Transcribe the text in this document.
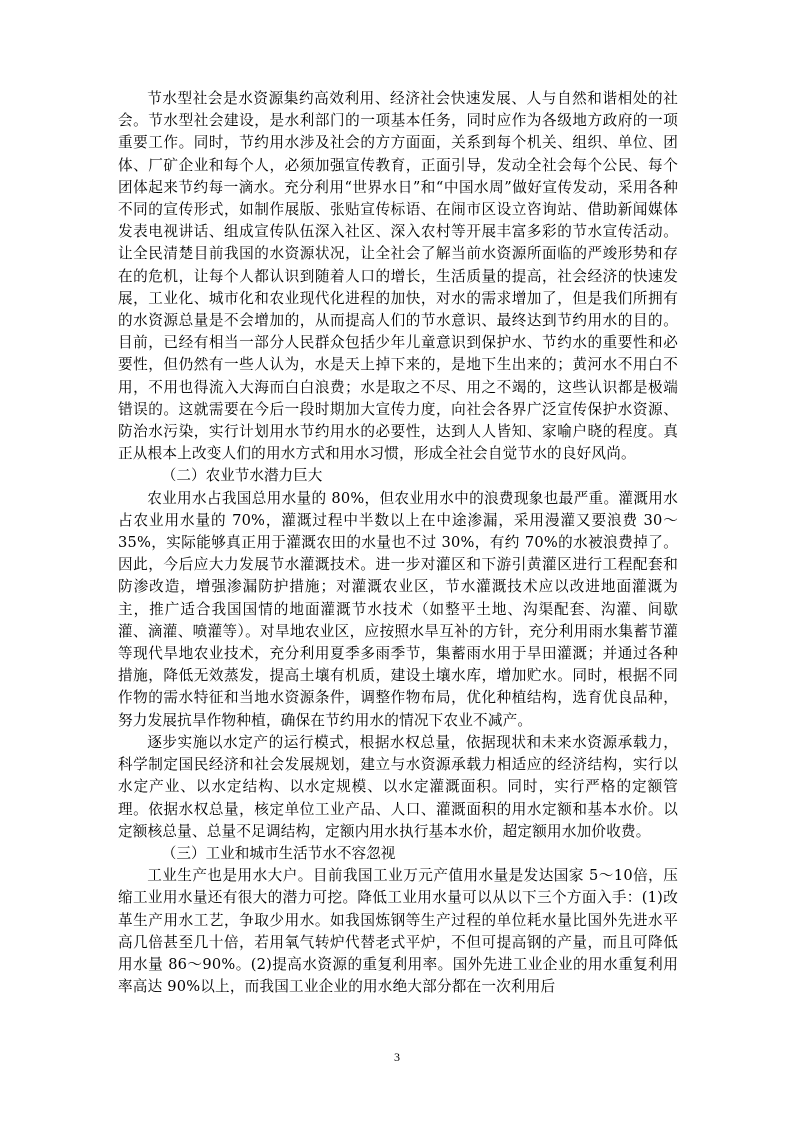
节水型社会是水资源集约高效利用、经济社会快速发展、人与自然和谐相处的社会。节水型社会建设，是水利部门的一项基本任务，同时应作为各级地方政府的一项重要工作。同时，节约用水涉及社会的方方面面，关系到每个机关、组织、单位、团体、厂矿企业和每个人，必须加强宣传教育，正面引导，发动全社会每个公民、每个团体起来节约每一滴水。充分利用“世界水日”和“中国水周”做好宣传发动，采用各种不同的宣传形式，如制作展版、张贴宣传标语、在闹市区设立咨询站、借助新闻媒体发表电视讲话、组成宣传队伍深入社区、深入农村等开展丰富多彩的节水宣传活动。让全民清楚目前我国的水资源状况，让全社会了解当前水资源所面临的严竣形势和存在的危机，让每个人都认识到随着人口的增长，生活质量的提高，社会经济的快速发展，工业化、城市化和农业现代化进程的加快，对水的需求增加了，但是我们所拥有的水资源总量是不会增加的，从而提高人们的节水意识、最终达到节约用水的目的。目前，已经有相当一部分人民群众包括少年儿童意识到保护水、节约水的重要性和必要性，但仍然有一些人认为，水是天上掉下来的，是地下生出来的；黄河水不用白不用，不用也得流入大海而白白浪费；水是取之不尽、用之不竭的，这些认识都是极端错误的。这就需要在今后一段时期加大宣传力度，向社会各界广泛宣传保护水资源、防治水污染，实行计划用水节约用水的必要性，达到人人皆知、家喻户晓的程度。真正从根本上改变人们的用水方式和用水习惯，形成全社会自觉节水的良好风尚。

（二）农业节水潜力巨大

农业用水占我国总用水量的 80%，但农业用水中的浪费现象也最严重。灌溉用水占农业用水量的 70%，灌溉过程中半数以上在中途渗漏，采用漫灌又要浪费 30～35%，实际能够真正用于灌溉农田的水量也不过 30%，有约 70%的水被浪费掉了。因此，今后应大力发展节水灌溉技术。进一步对灌区和下游引黄灌区进行工程配套和防渗改造，增强渗漏防护措施；对灌溉农业区，节水灌溉技术应以改进地面灌溉为主，推广适合我国国情的地面灌溉节水技术（如整平土地、沟渠配套、沟灌、间歇灌、滴灌、喷灌等）。对旱地农业区，应按照水旱互补的方针，充分利用雨水集蓄节灌等现代旱地农业技术，充分利用夏季多雨季节，集蓄雨水用于旱田灌溉；并通过各种措施，降低无效蒸发，提高土壤有机质，建设土壤水库，增加贮水。同时，根据不同作物的需水特征和当地水资源条件，调整作物布局，优化种植结构，选育优良品种，努力发展抗旱作物种植，确保在节约用水的情况下农业不减产。

逐步实施以水定产的运行模式，根据水权总量，依据现状和未来水资源承载力，科学制定国民经济和社会发展规划，建立与水资源承载力相适应的经济结构，实行以水定产业、以水定结构、以水定规模、以水定灌溉面积。同时，实行严格的定额管理。依据水权总量，核定单位工业产品、人口、灌溉面积的用水定额和基本水价。以定额核总量、总量不足调结构，定额内用水执行基本水价，超定额用水加价收费。

（三）工业和城市生活节水不容忽视

工业生产也是用水大户。目前我国工业万元产值用水量是发达国家 5～10倍，压缩工业用水量还有很大的潜力可挖。降低工业用水量可以从以下三个方面入手：(1)改革生产用水工艺，争取少用水。如我国炼钢等生产过程的单位耗水量比国外先进水平高几倍甚至几十倍，若用氧气转炉代替老式平炉，不但可提高钢的产量，而且可降低用水量 86～90%。(2)提高水资源的重复利用率。国外先进工业企业的用水重复利用率高达 90%以上，而我国工业企业的用水绝大部分都在一次利用后

3
